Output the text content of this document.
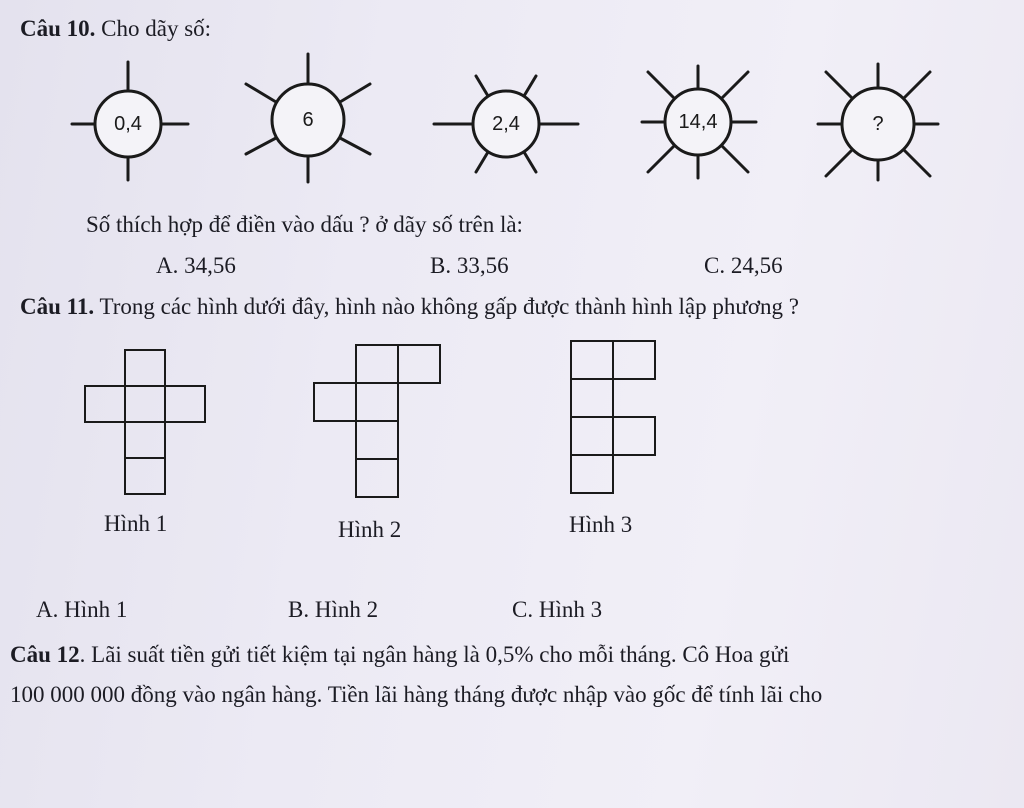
Câu 10. Cho dãy số:
0,4	6	2,4	14,4	?
Số thích hợp để điền vào dấu ? ở dãy số trên là:
A. 34,56	B. 33,56	C. 24,56
Câu 11. Trong các hình dưới đây, hình nào không gấp được thành hình lập phương ?
Hình 1	Hình 2	Hình 3
A. Hình 1	B. Hình 2	C. Hình 3
Câu 12. Lãi suất tiền gửi tiết kiệm tại ngân hàng là 0,5% cho mỗi tháng. Cô Hoa gửi
100 000 000 đồng vào ngân hàng. Tiền lãi hàng tháng được nhập vào gốc để tính lãi cho
